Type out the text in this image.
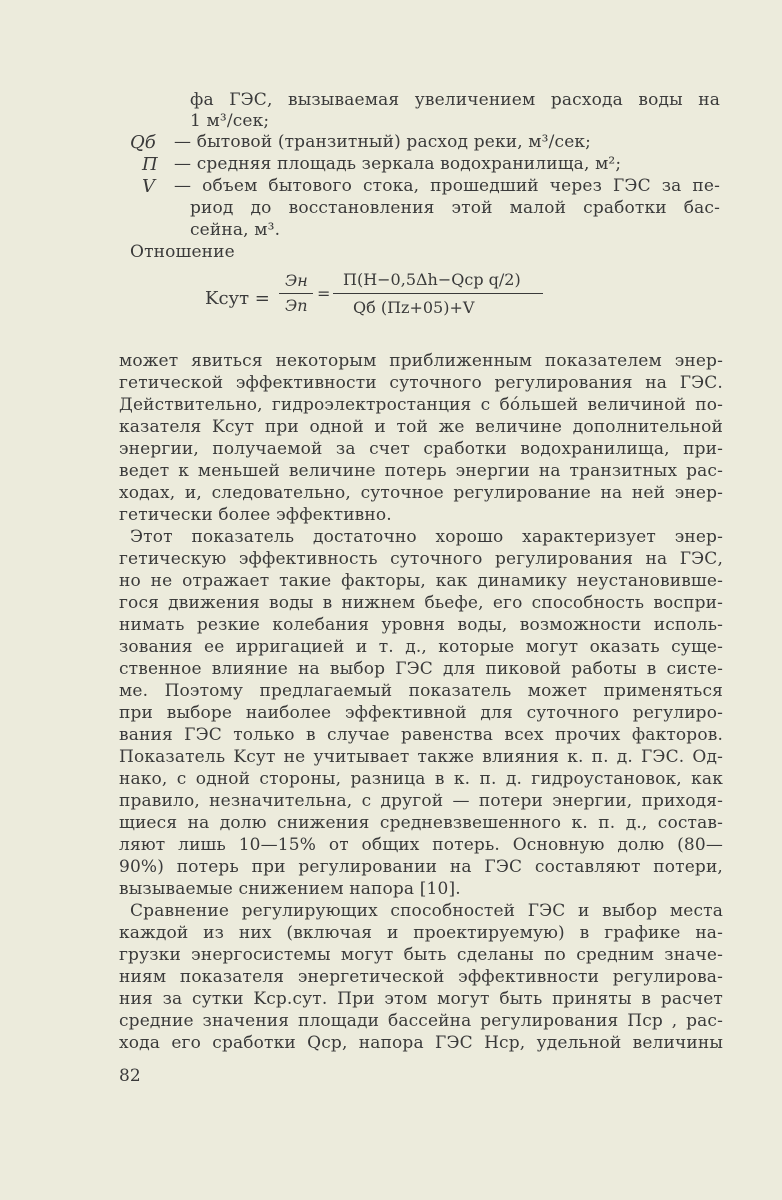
фа ГЭС, вызываемая увеличением расхода воды на
1 м³/сек;
Qб — бытовой (транзитный) расход реки, м³/сек;
П — средняя площадь зеркала водохранилища, м²;
V — объем бытового стока, прошедший через ГЭС за пе-
риод до восстановления этой малой сработки бас-
сейна, м³.
Отношение
Kсут =
Эн
Эп
=
П(H−0,5Δh−Qср q/2)
Qб (Пz+05)+V
может явиться некоторым приближенным показателем энер-
гетической эффективности суточного регулирования на ГЭС.
Действительно, гидроэлектростанция с бóльшей величиной по-
казателя Kсут при одной и той же величине дополнительной
энергии, получаемой за счет сработки водохранилища, при-
ведет к меньшей величине потерь энергии на транзитных рас-
ходах, и, следовательно, суточное регулирование на ней энер-
гетически более эффективно.
Этот показатель достаточно хорошо характеризует энер-
гетическую эффективность суточного регулирования на ГЭС,
но не отражает такие факторы, как динамику неустановивше-
гося движения воды в нижнем бьефе, его способность воспри-
нимать резкие колебания уровня воды, возможности исполь-
зования ее ирригацией и т. д., которые могут оказать суще-
ственное влияние на выбор ГЭС для пиковой работы в систе-
ме. Поэтому предлагаемый показатель может применяться
при выборе наиболее эффективной для суточного регулиро-
вания ГЭС только в случае равенства всех прочих факторов.
Показатель Kсут не учитывает также влияния к. п. д. ГЭС. Од-
нако, с одной стороны, разница в к. п. д. гидроустановок, как
правило, незначительна, с другой — потери энергии, приходя-
щиеся на долю снижения средневзвешенного к. п. д., состав-
ляют лишь 10—15% от общих потерь. Основную долю (80—
90%) потерь при регулировании на ГЭС составляют потери,
вызываемые снижением напора [10].
Сравнение регулирующих способностей ГЭС и выбор места
каждой из них (включая и проектируемую) в графике на-
грузки энергосистемы могут быть сделаны по средним значе-
ниям показателя энергетической эффективности регулирова-
ния за сутки Kср.сут. При этом могут быть приняты в расчет
средние значения площади бассейна регулирования Пср , рас-
хода его сработки Qср, напора ГЭС Hср, удельной величины
82
